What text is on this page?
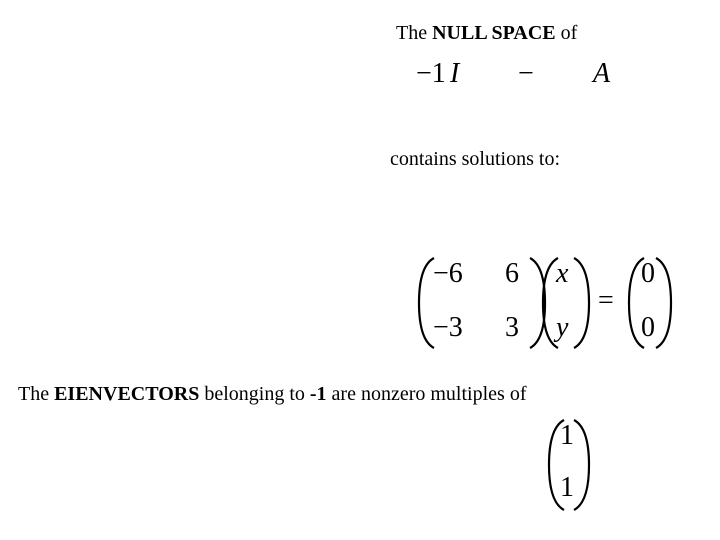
The NULL SPACE of
−1 I − A
contains solutions to:
−6 6
−3 3
x
y
=
0
0
The EIENVECTORS belonging to -1 are nonzero multiples of
1
1
